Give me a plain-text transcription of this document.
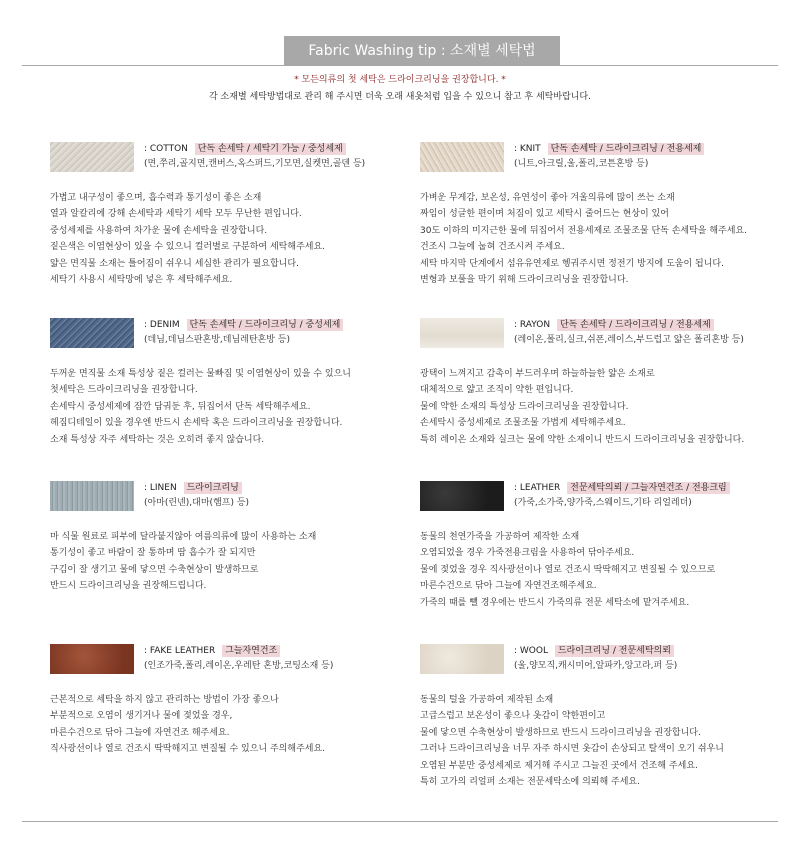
Fabric Washing tip : 소재별 세탁법
* 모든의류의 첫 세탁은 드라이크리닝을 권장합니다. *
각 소재별 세탁방법대로 관리 해 주시면 더욱 오래 새옷처럼 입을 수 있으니 참고 후 세탁바랍니다.
: COTTON 단독 손세탁 / 세탁기 가능 / 중성세제
(면,쭈리,골지면,캔버스,옥스퍼드,기모면,실켓면,골덴 등)
가볍고 내구성이 좋으며, 흡수력과 통기성이 좋은 소재
열과 알칼리에 강해 손세탁과 세탁기 세탁 모두 무난한 편입니다.
중성세제를 사용하여 차가운 물에 손세탁을 권장합니다.
짙은색은 이염현상이 있을 수 있으니 컬러별로 구분하여 세탁해주세요.
얇은 면직물 소재는 틀어짐이 쉬우니 세심한 관리가 필요합니다.
세탁기 사용시 세탁망에 넣은 후 세탁해주세요.
: KNIT 단독 손세탁 / 드라이크리닝 / 전용세제
(니트,아크릴,울,폴리,코튼혼방 등)
가벼운 무게감, 보온성, 유연성이 좋아 겨울의류에 많이 쓰는 소재
짜임이 성글한 편이며 처짐이 있고 세탁시 줄어드는 현상이 있어
30도 이하의 미지근한 물에 뒤집어서 전용세제로 조물조물 단독 손세탁을 해주세요.
건조시 그늘에 눕혀 건조시켜 주세요.
세탁 마지막 단계에서 섬유유연제로 헹궈주시면 정전기 방지에 도움이 됩니다.
변형과 보풀을 막기 위해 드라이크리닝을 권장합니다.
: DENIM 단독 손세탁 / 드라이크리닝 / 중성세제
(데님,데님스판혼방,데님레탄혼방 등)
두꺼운 면직물 소재 특성상 짙은 컬러는 물빠짐 및 이염현상이 있을 수 있으니
첫세탁은 드라이크리닝을 권장합니다.
손세탁시 중성세제에 잠깐 담궈둔 후, 뒤집어서 단독 세탁해주세요.
헤짐디테일이 있을 경우엔 반드시 손세탁 혹은 드라이크리닝을 권장합니다.
소재 특성상 자주 세탁하는 것은 오히려 좋지 않습니다.
: RAYON 단독 손세탁 / 드라이크리닝 / 전용세제
(레이온,폴리,실크,쉬폰,레이스,부드럽고 얇은 폴리혼방 등)
광택이 느껴지고 감촉이 부드러우며 하늘하늘한 얇은 소재로
대체적으로 얇고 조직이 약한 편입니다.
물에 약한 소재의 특성상 드라이크리닝을 권장합니다.
손세탁시 중성세제로 조물조물 가볍게 세탁해주세요.
특히 레이온 소재와 실크는 물에 약한 소재이니 반드시 드라이크리닝을 권장합니다.
: LINEN 드라이크리닝
(아마(린넨),대마(햄프) 등)
마 식물 원료로 피부에 달라붙지않아 여름의류에 많이 사용하는 소재
통기성이 좋고 바람이 잘 통하며 땀 흡수가 잘 되지만
구김이 잘 생기고 물에 닿으면 수축현상이 발생하므로
반드시 드라이크리닝을 권장해드립니다.
: LEATHER 전문세탁의뢰 / 그늘자연건조 / 전용크림
(가죽,소가죽,양가죽,스웨이드,기타 리얼레더)
동물의 천연가죽을 가공하여 제작한 소재
오염되었을 경우 가죽전용크림을 사용하여 닦아주세요.
물에 젖었을 경우 직사광선이나 열로 건조시 딱딱해지고 변질될 수 있으므로
마른수건으로 닦아 그늘에 자연건조해주세요.
가죽의 때를 뺄 경우에는 반드시 가죽의류 전문 세탁소에 맡겨주세요.
: FAKE LEATHER 그늘자연건조
(인조가죽,폴리,레이온,우레탄 혼방,코팅소재 등)
근본적으로 세탁을 하지 않고 관리하는 방법이 가장 좋으나
부분적으로 오염이 생기거나 물에 젖었을 경우,
마른수건으로 닦아 그늘에 자연건조 해주세요.
직사광선이나 열로 건조시 딱딱해지고 변질될 수 있으니 주의해주세요.
: WOOL 드라이크리닝 / 전문세탁의뢰
(울,양모직,캐시미어,알파카,앙고라,퍼 등)
동물의 털을 가공하여 제작된 소재
고급스럽고 보온성이 좋으나 옷감이 약한편이고
물에 닿으면 수축현상이 발생하므로 반드시 드라이크리닝을 권장합니다.
그러나 드라이크리닝을 너무 자주 하시면 옷감이 손상되고 탈색이 오기 쉬우니
오염된 부분만 중성세제로 제거해 주시고 그늘진 곳에서 건조해 주세요.
특히 고가의 리얼퍼 소재는 전문세탁소에 의뢰해 주세요.
